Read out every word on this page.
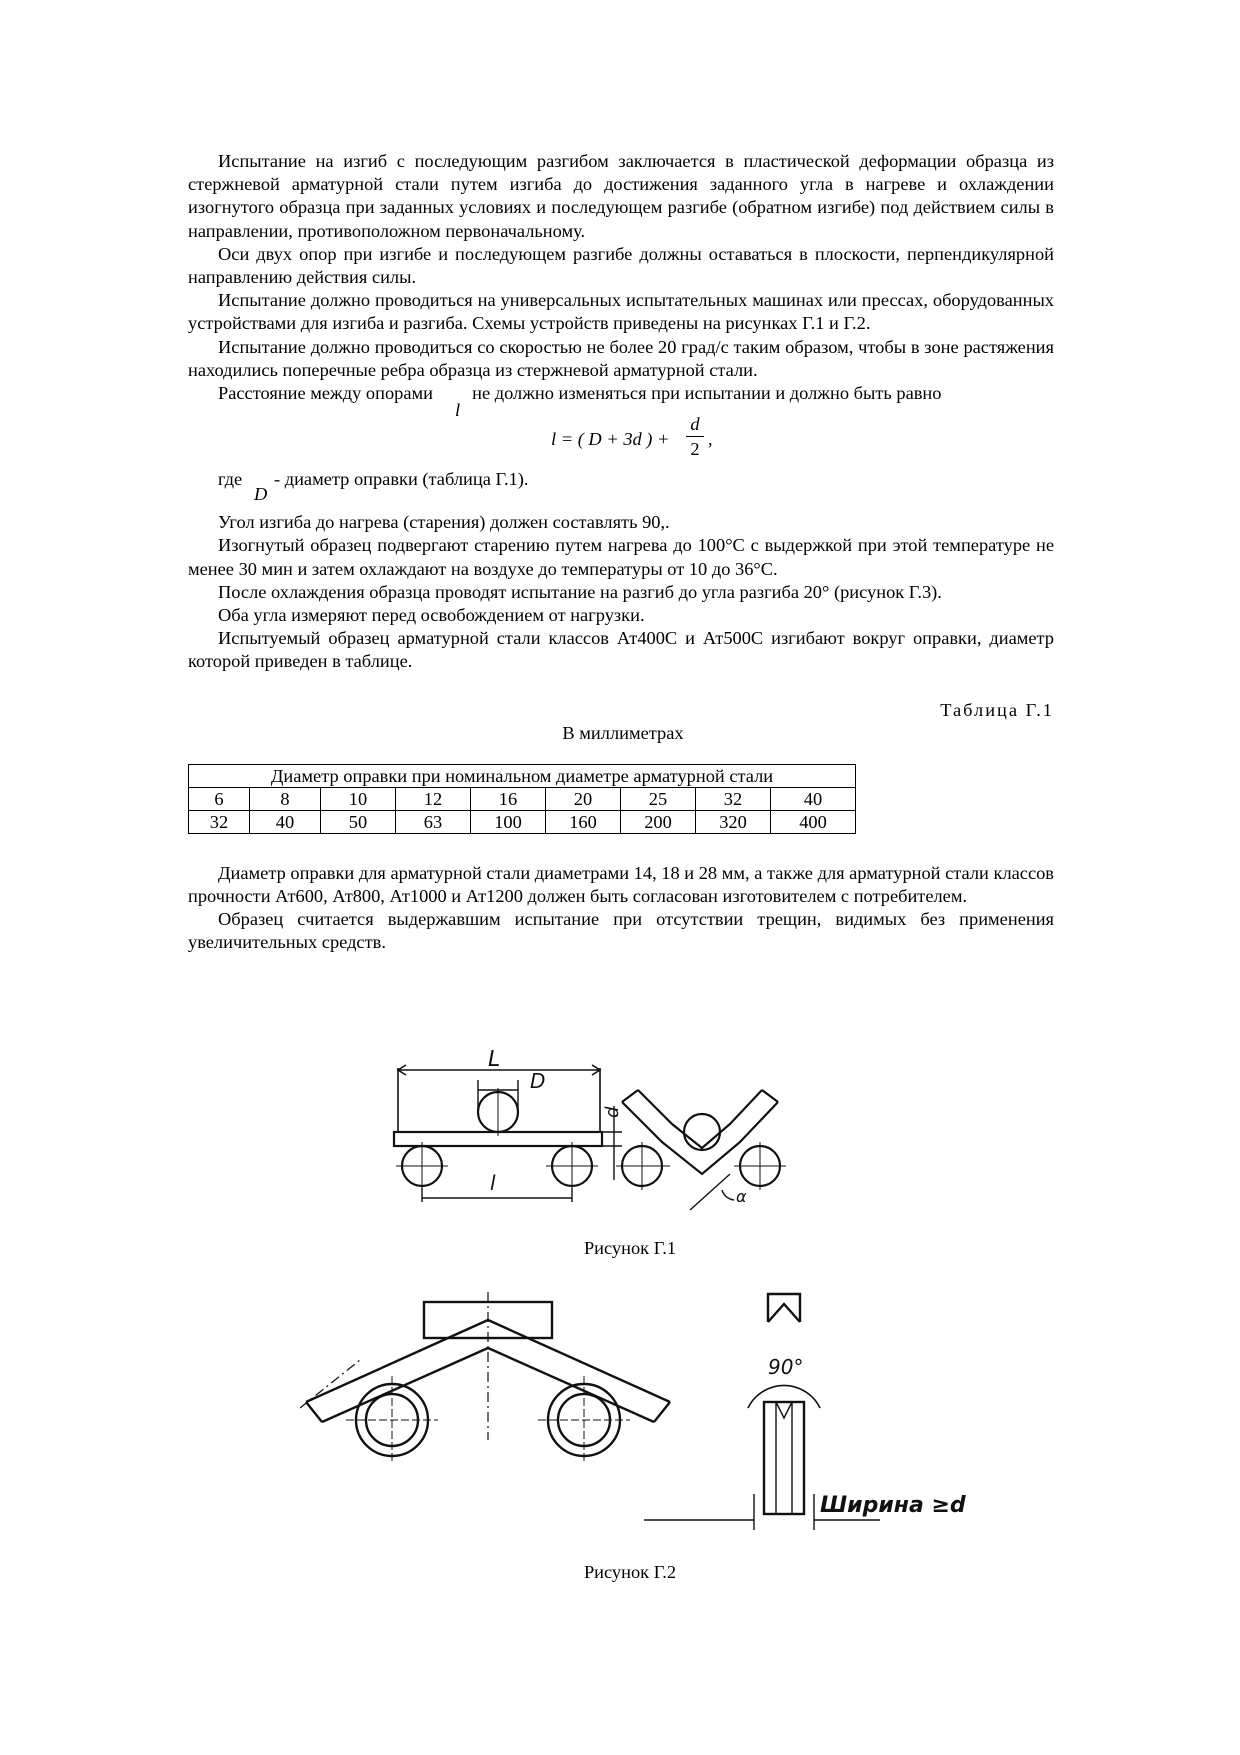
Испытание на изгиб с последующим разгибом заключается в пластической деформации образца из стержневой арматурной стали путем изгиба до достижения заданного угла в нагреве и охлаждении изогнутого образца при заданных условиях и последующем разгибе (обратном изгибе) под действием силы в направлении, противоположном первоначальному.

Оси двух опор при изгибе и последующем разгибе должны оставаться в плоскости, перпендикулярной направлению действия силы.

Испытание должно проводиться на универсальных испытательных машинах или прессах, оборудованных устройствами для изгиба и разгиба. Схемы устройств приведены на рисунках Г.1 и Г.2.

Испытание должно проводиться со скоростью не более 20 град/с таким образом, чтобы в зоне растяжения находились поперечные ребра образца из стержневой арматурной стали.

Расстояние между опорамиlне должно изменяться при испытании и должно быть равно

l = ( D + 3d ) +
d
2 ,
где
D
- диаметр оправки (таблица Г.1).

Угол изгиба до нагрева (старения) должен составлять 90,.

Изогнутый образец подвергают старению путем нагрева до 100°С с выдержкой при этой температуре не менее 30 мин и затем охлаждают на воздухе до температуры от 10 до 36°С.

После охлаждения образца проводят испытание на разгиб до угла разгиба 20° (рисунок Г.3).

Оба угла измеряют перед освобождением от нагрузки.

Испытуемый образец арматурной стали классов Ат400С и Ат500С изгибают вокруг оправки, диаметр которой приведен в таблице.

Таблица Г.1
В миллиметрах
Диаметр оправки при номинальном диаметре арматурной стали								
6	8	10	12	16	20	25	32	40
32	40	50	63	100	160	200	320	400

Диаметр оправки для арматурной стали диаметрами 14, 18 и 28 мм, а также для арматурной стали классов прочности Ат600, Ат800, Ат1000 и Ат1200 должен быть согласован изготовителем с потребителем.

Образец считается выдержавшим испытание при отсутствии трещин, видимых без применения увеличительных средств.

L
D
d
l
α
Рисунок Г.1
90°
Ширина ≥d
Рисунок Г.2
